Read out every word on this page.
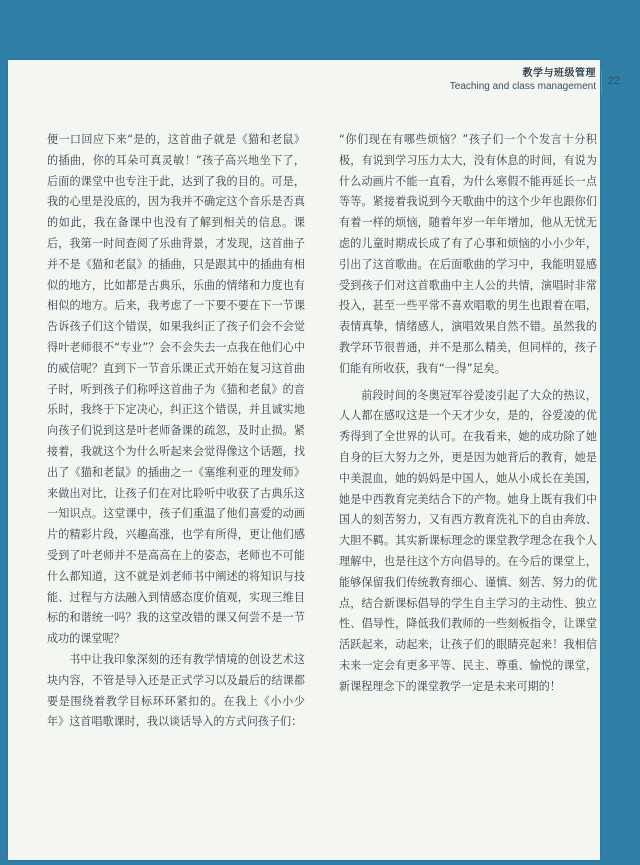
教学与班级管理
Teaching and class management 22

便一口回应下来“是的，这首曲子就是《猫和老鼠》的插曲，你的耳朵可真灵敏！”孩子高兴地坐下了，后面的课堂中也专注于此，达到了我的目的。可是，我的心里是没底的，因为我并不确定这个音乐是否真的如此，我在备课中也没有了解到相关的信息。课后，我第一时间查阅了乐曲背景，才发现，这首曲子并不是《猫和老鼠》的插曲，只是跟其中的插曲有相似的地方，比如都是古典乐，乐曲的情绪和力度也有相似的地方。后来，我考虑了一下要不要在下一节课告诉孩子们这个错误，如果我纠正了孩子们会不会觉得叶老师很不“专业”？会不会失去一点我在他们心中的威信呢？直到下一节音乐课正式开始在复习这首曲子时，听到孩子们称呼这首曲子为《猫和老鼠》的音乐时，我终于下定决心，纠正这个错误，并且诚实地向孩子们说到这是叶老师备课的疏忽，及时止损。紧接着，我就这个为什么听起来会觉得像这个话题，找出了《猫和老鼠》的插曲之一《塞维利亚的理发师》来做出对比，让孩子们在对比聆听中收获了古典乐这一知识点。这堂课中，孩子们重温了他们喜爱的动画片的精彩片段，兴趣高涨，也学有所得，更让他们感受到了叶老师并不是高高在上的姿态，老师也不可能什么都知道，这不就是刘老师书中阐述的将知识与技能、过程与方法融入到情感态度价值观，实现三维目标的和谐统一吗？我的这堂改错的课又何尝不是一节成功的课堂呢？

书中让我印象深刻的还有教学情境的创设艺术这块内容，不管是导入还是正式学习以及最后的结课都要是围绕着教学目标环环紧扣的。在我上《小小少年》这首唱歌课时，我以谈话导入的方式问孩子们：

“你们现在有哪些烦恼？”孩子们一个个发言十分积极，有说到学习压力太大，没有休息的时间，有说为什么动画片不能一直看，为什么寒假不能再延长一点等等。紧接着我说到今天歌曲中的这个少年也跟你们有着一样的烦恼，随着年岁一年年增加，他从无忧无虑的儿童时期成长成了有了心事和烦恼的小小少年，引出了这首歌曲。在后面歌曲的学习中，我能明显感受到孩子们对这首歌曲中主人公的共情，演唱时非常投入，甚至一些平常不喜欢唱歌的男生也跟着在唱，表情真挚，情绪感人，演唱效果自然不错。虽然我的教学环节很普通，并不是那么精美，但同样的，孩子们能有所收获，我有“一得”足矣。

前段时间的冬奥冠军谷爱凌引起了大众的热议，人人都在感叹这是一个天才少女，是的，谷爱凌的优秀得到了全世界的认可。在我看来，她的成功除了她自身的巨大努力之外，更是因为她背后的教育，她是中美混血，她的妈妈是中国人，她从小成长在美国，她是中西教育完美结合下的产物。她身上既有我们中国人的刻苦努力，又有西方教育洗礼下的自由奔放、大胆不羁。其实新课标理念的课堂教学理念在我个人理解中，也是往这个方向倡导的。在今后的课堂上，能够保留我们传统教育细心、谨慎、刻苦、努力的优点，结合新课标倡导的学生自主学习的主动性、独立性、倡导性，降低我们教师的一些刻板指令，让课堂活跃起来，动起来，让孩子们的眼睛亮起来！我相信未来一定会有更多平等、民主、尊重、愉悦的课堂，新课程理念下的课堂教学一定是未来可期的！
